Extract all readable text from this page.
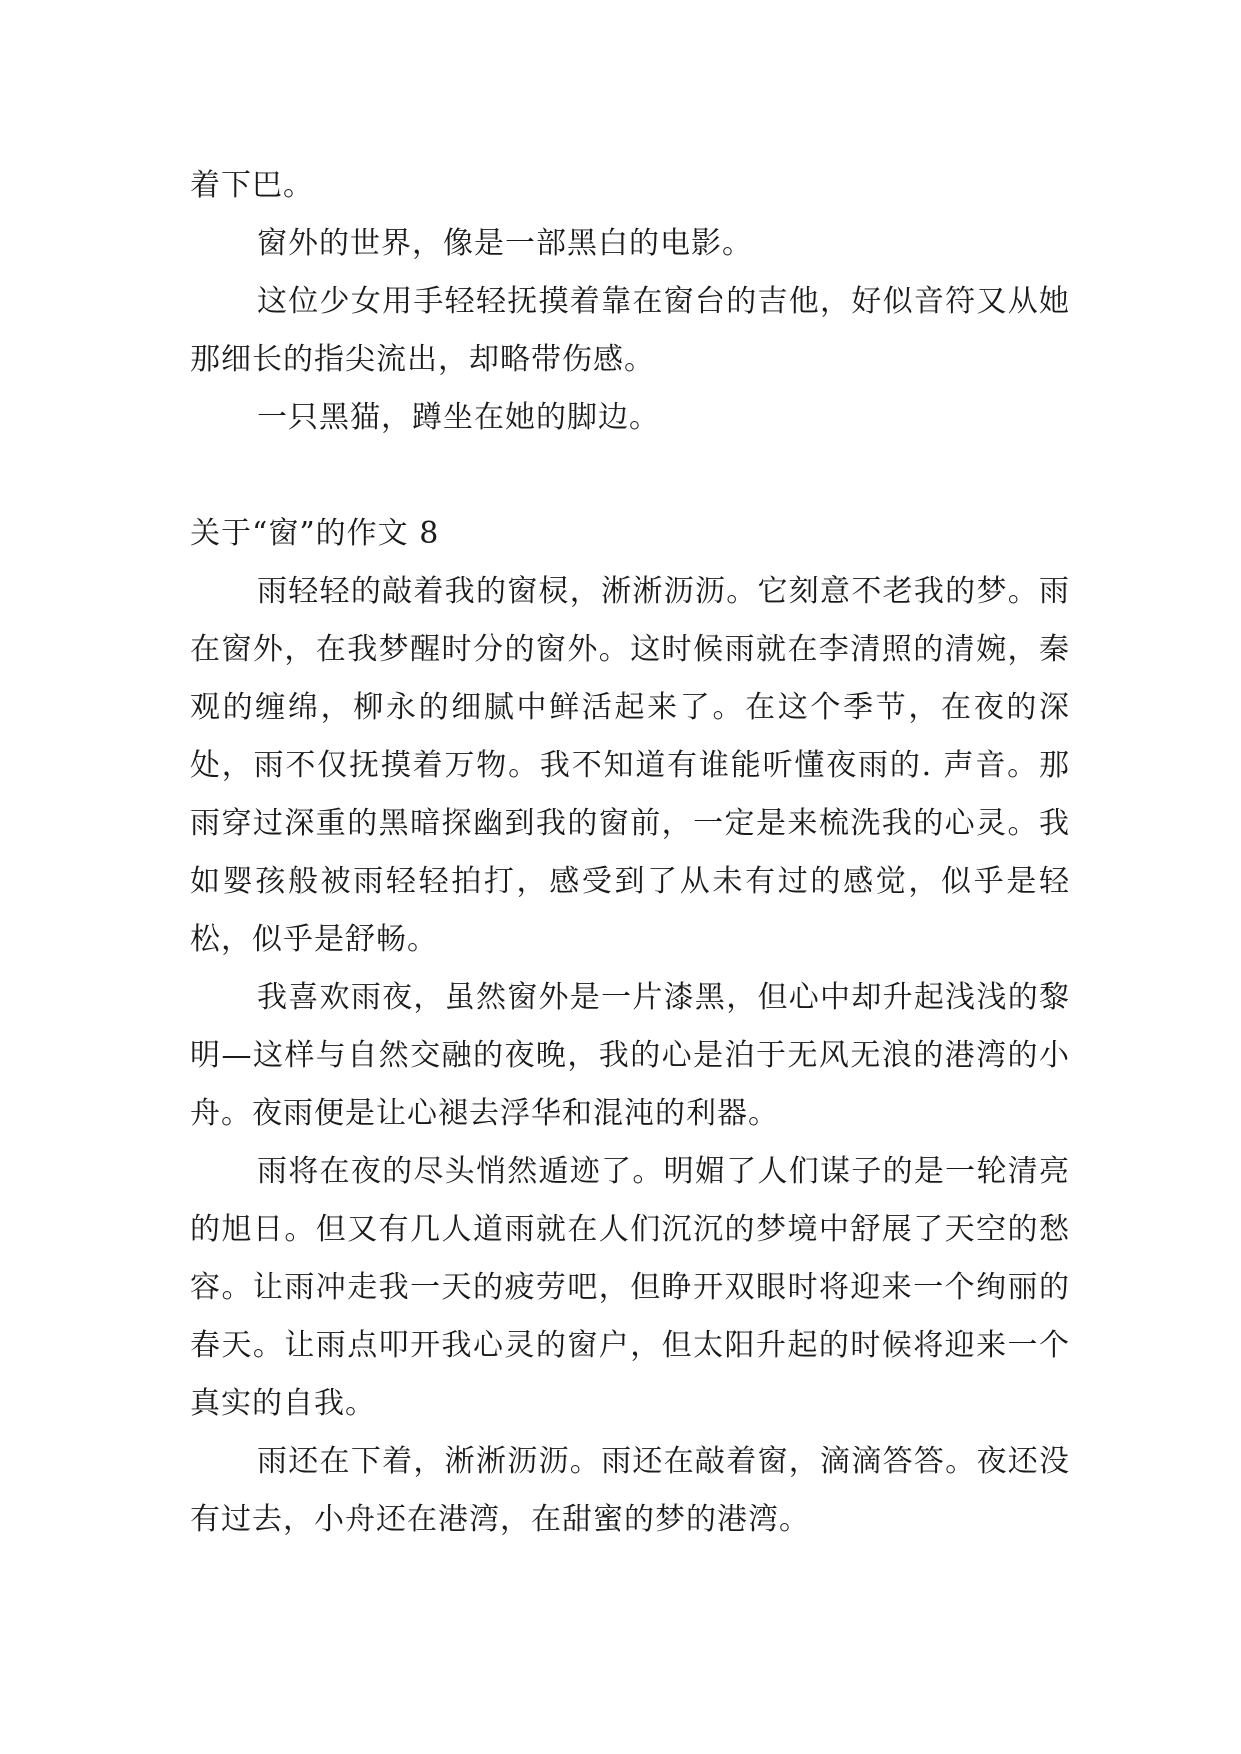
着下巴。

窗外的世界，像是一部黑白的电影。

这位少女用手轻轻抚摸着靠在窗台的吉他，好似音符又从她那细长的指尖流出，却略带伤感。

一只黑猫，蹲坐在她的脚边。

关于“窗”的作文 8

雨轻轻的敲着我的窗棂，淅淅沥沥。它刻意不老我的梦。雨在窗外，在我梦醒时分的窗外。这时候雨就在李清照的清婉，秦观的缠绵，柳永的细腻中鲜活起来了。在这个季节，在夜的深处，雨不仅抚摸着万物。我不知道有谁能听懂夜雨的. 声音。那雨穿过深重的黑暗探幽到我的窗前，一定是来梳洗我的心灵。我如婴孩般被雨轻轻拍打，感受到了从未有过的感觉，似乎是轻松，似乎是舒畅。

我喜欢雨夜，虽然窗外是一片漆黑，但心中却升起浅浅的黎明—这样与自然交融的夜晚，我的心是泊于无风无浪的港湾的小舟。夜雨便是让心褪去浮华和混沌的利器。

雨将在夜的尽头悄然遁迹了。明媚了人们谋子的是一轮清亮的旭日。但又有几人道雨就在人们沉沉的梦境中舒展了天空的愁容。让雨冲走我一天的疲劳吧，但睁开双眼时将迎来一个绚丽的春天。让雨点叩开我心灵的窗户，但太阳升起的时候将迎来一个真实的自我。

雨还在下着，淅淅沥沥。雨还在敲着窗，滴滴答答。夜还没有过去，小舟还在港湾，在甜蜜的梦的港湾。
